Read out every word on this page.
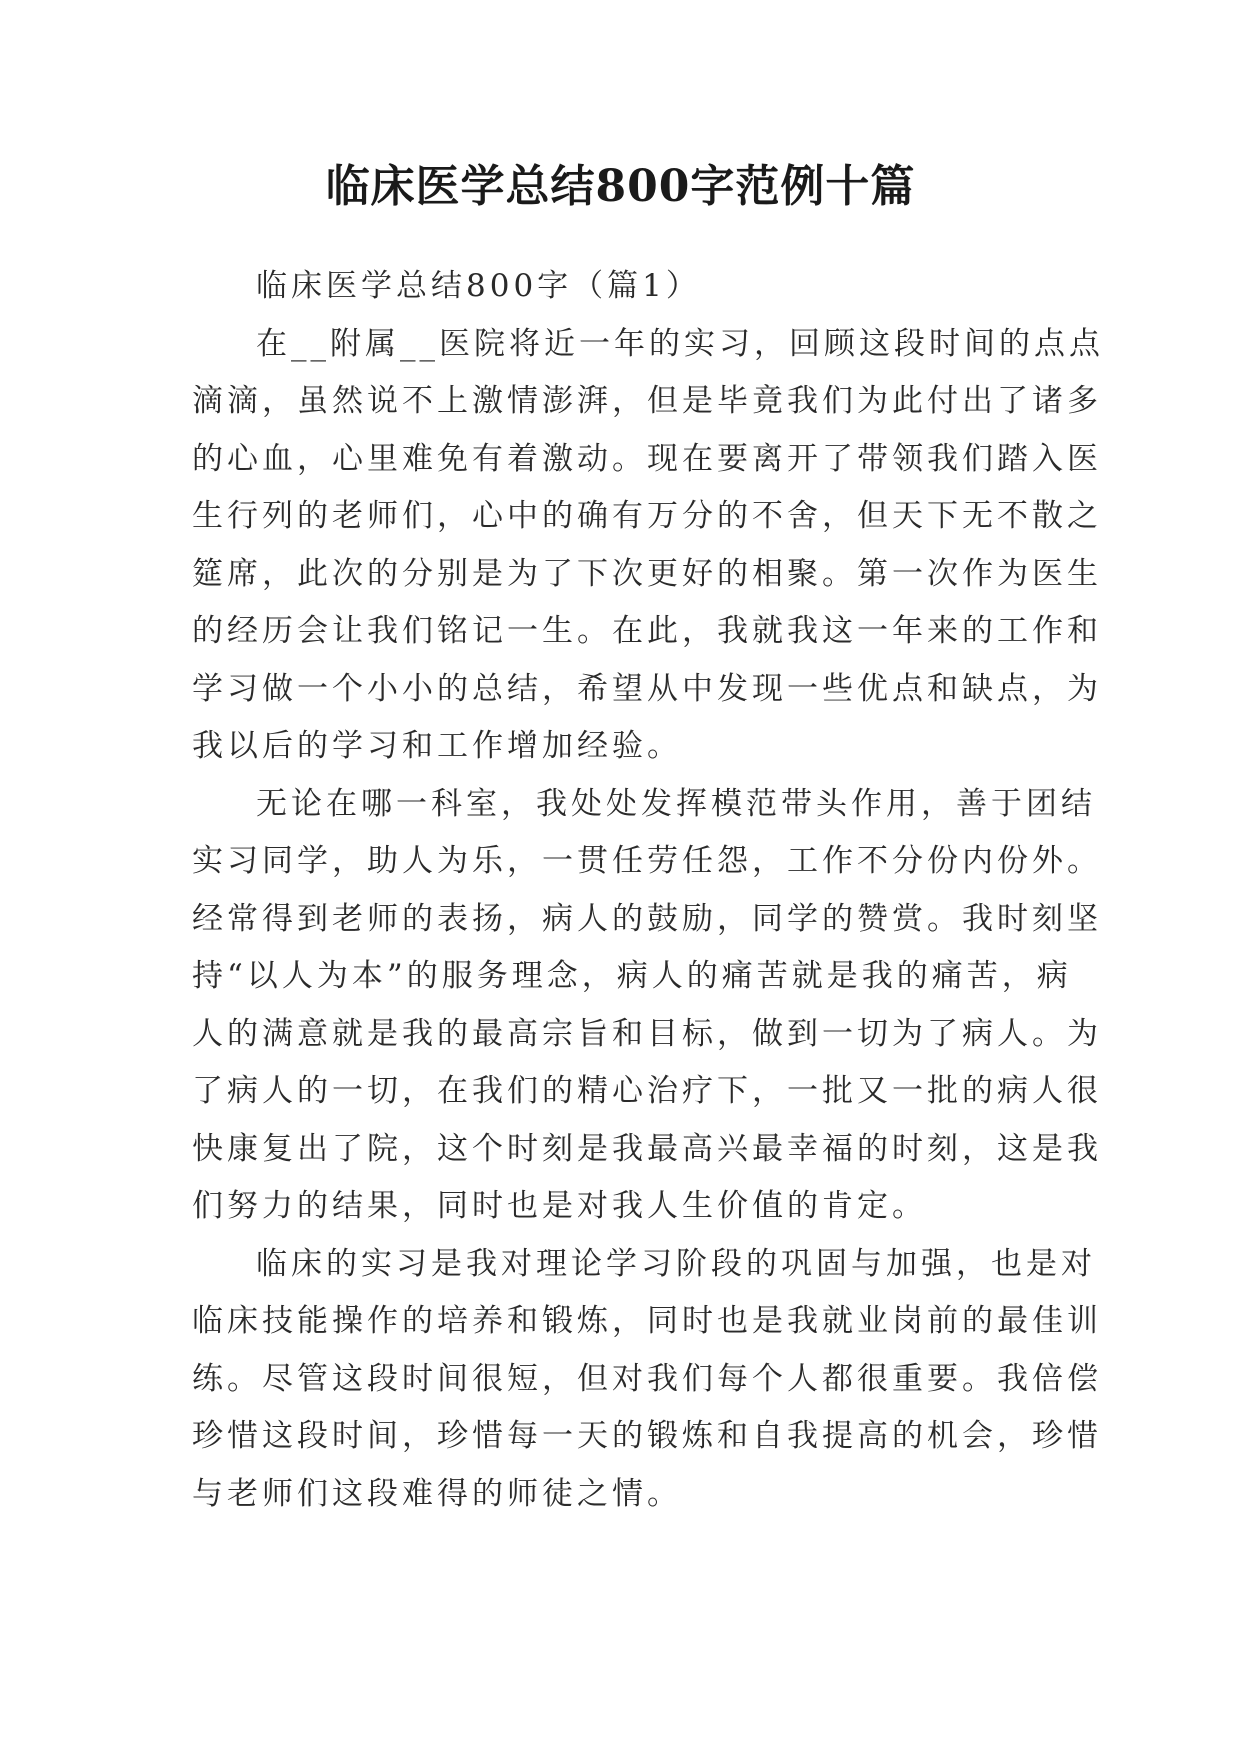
临床医学总结800字范例十篇
临床医学总结800字（篇1）
在__附属__医院将近一年的实习，回顾这段时间的点点
滴滴，虽然说不上激情澎湃，但是毕竟我们为此付出了诸多
的心血，心里难免有着激动。现在要离开了带领我们踏入医
生行列的老师们，心中的确有万分的不舍，但天下无不散之
筵席，此次的分别是为了下次更好的相聚。第一次作为医生
的经历会让我们铭记一生。在此，我就我这一年来的工作和
学习做一个小小的总结，希望从中发现一些优点和缺点，为
我以后的学习和工作增加经验。
无论在哪一科室，我处处发挥模范带头作用，善于团结
实习同学，助人为乐，一贯任劳任怨，工作不分份内份外。
经常得到老师的表扬，病人的鼓励，同学的赞赏。我时刻坚
持“以人为本”的服务理念，病人的痛苦就是我的痛苦，病
人的满意就是我的最高宗旨和目标，做到一切为了病人。为
了病人的一切，在我们的精心治疗下，一批又一批的病人很
快康复出了院，这个时刻是我最高兴最幸福的时刻，这是我
们努力的结果，同时也是对我人生价值的肯定。
临床的实习是我对理论学习阶段的巩固与加强，也是对
临床技能操作的培养和锻炼，同时也是我就业岗前的最佳训
练。尽管这段时间很短，但对我们每个人都很重要。我倍偿
珍惜这段时间，珍惜每一天的锻炼和自我提高的机会，珍惜
与老师们这段难得的师徒之情。
